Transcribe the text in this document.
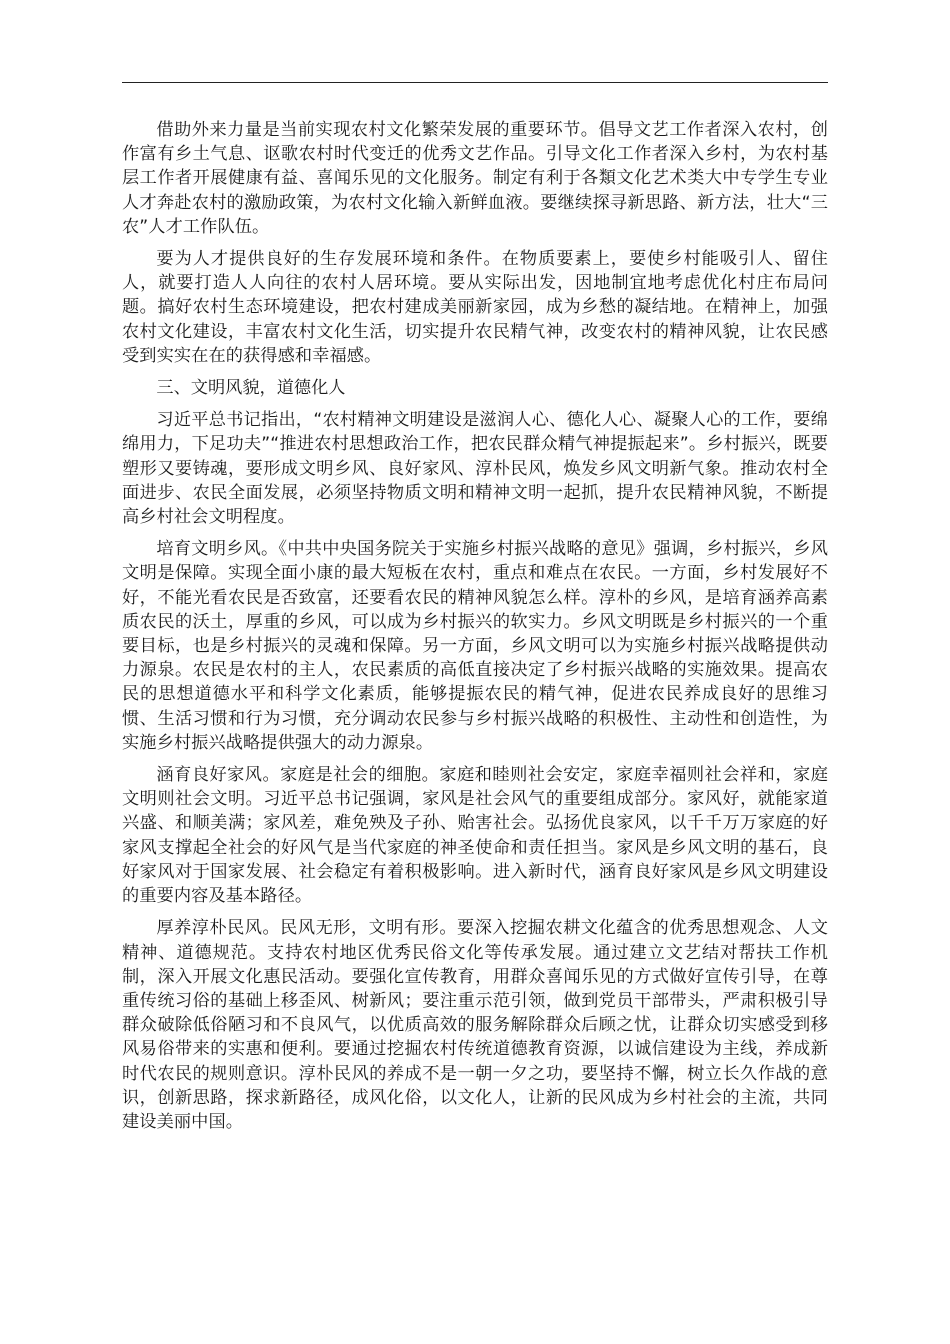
借助外来力量是当前实现农村文化繁荣发展的重要环节。倡导文艺工作者深入农村，创作富有乡土气息、讴歌农村时代变迁的优秀文艺作品。引导文化工作者深入乡村，为农村基层工作者开展健康有益、喜闻乐见的文化服务。制定有利于各類文化艺术类大中专学生专业人才奔赴农村的激励政策，为农村文化输入新鲜血液。要继续探寻新思路、新方法，壮大“三农”人才工作队伍。

要为人才提供良好的生存发展环境和条件。在物质要素上，要使乡村能吸引人、留住人，就要打造人人向往的农村人居环境。要从实际出发，因地制宜地考虑优化村庄布局问题。搞好农村生态环境建设，把农村建成美丽新家园，成为乡愁的凝结地。在精神上，加强农村文化建设，丰富农村文化生活，切实提升农民精气神，改变农村的精神风貌，让农民感受到实实在在的获得感和幸福感。

三、文明风貌，道德化人

习近平总书记指出，“农村精神文明建设是滋润人心、德化人心、凝聚人心的工作，要绵绵用力，下足功夫”“推进农村思想政治工作，把农民群众精气神提振起来”。乡村振兴，既要塑形又要铸魂，要形成文明乡风、良好家风、淳朴民风，焕发乡风文明新气象。推动农村全面进步、农民全面发展，必须坚持物质文明和精神文明一起抓，提升农民精神风貌，不断提高乡村社会文明程度。

培育文明乡风。《中共中央国务院关于实施乡村振兴战略的意见》强调，乡村振兴，乡风文明是保障。实现全面小康的最大短板在农村，重点和难点在农民。一方面，乡村发展好不好，不能光看农民是否致富，还要看农民的精神风貌怎么样。淳朴的乡风，是培育涵养高素质农民的沃土，厚重的乡风，可以成为乡村振兴的软实力。乡风文明既是乡村振兴的一个重要目标，也是乡村振兴的灵魂和保障。另一方面，乡风文明可以为实施乡村振兴战略提供动力源泉。农民是农村的主人，农民素质的高低直接决定了乡村振兴战略的实施效果。提高农民的思想道德水平和科学文化素质，能够提振农民的精气神，促进农民养成良好的思维习惯、生活习惯和行为习惯，充分调动农民参与乡村振兴战略的积极性、主动性和创造性，为实施乡村振兴战略提供强大的动力源泉。

涵育良好家风。家庭是社会的细胞。家庭和睦则社会安定，家庭幸福则社会祥和，家庭文明则社会文明。习近平总书记强调，家风是社会风气的重要组成部分。家风好，就能家道兴盛、和顺美满；家风差，难免殃及子孙、贻害社会。弘扬优良家风，以千千万万家庭的好家风支撑起全社会的好风气是当代家庭的神圣使命和责任担当。家风是乡风文明的基石，良好家风对于国家发展、社会稳定有着积极影响。进入新时代，涵育良好家风是乡风文明建设的重要内容及基本路径。

厚养淳朴民风。民风无形，文明有形。要深入挖掘农耕文化蕴含的优秀思想观念、人文精神、道德规范。支持农村地区优秀民俗文化等传承发展。通过建立文艺结对帮扶工作机制，深入开展文化惠民活动。要强化宣传教育，用群众喜闻乐见的方式做好宣传引导，在尊重传统习俗的基础上移歪风、树新风；要注重示范引领，做到党员干部带头，严肃积极引导群众破除低俗陋习和不良风气，以优质高效的服务解除群众后顾之忧，让群众切实感受到移风易俗带来的实惠和便利。要通过挖掘农村传统道德教育资源，以诚信建设为主线，养成新时代农民的规则意识。淳朴民风的养成不是一朝一夕之功，要坚持不懈，树立长久作战的意识，创新思路，探求新路径，成风化俗，以文化人，让新的民风成为乡村社会的主流，共同建设美丽中国。
